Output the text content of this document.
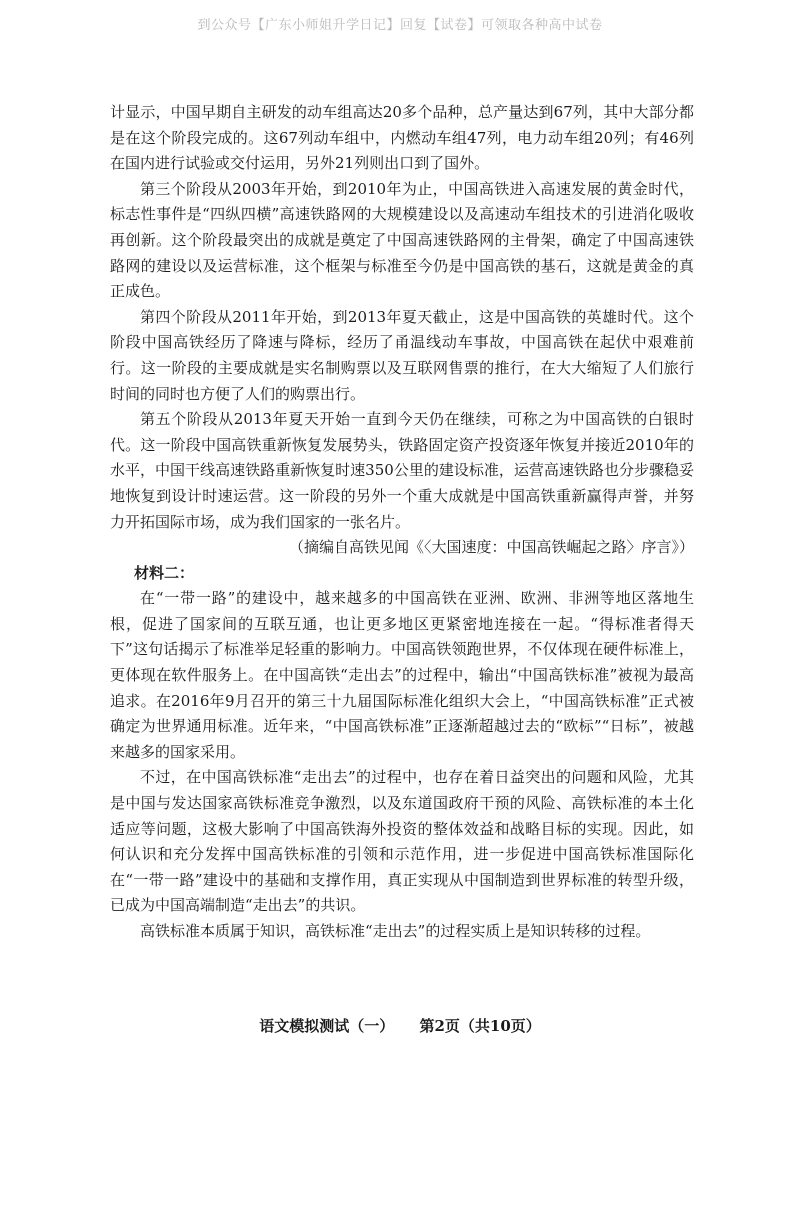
到公众号【广东小师姐升学日记】回复【试卷】可领取各种高中试卷

计显示，中国早期自主研发的动车组高达20多个品种，总产量达到67列，其中大部分都是在这个阶段完成的。这67列动车组中，内燃动车组47列，电力动车组20列；有46列在国内进行试验或交付运用，另外21列则出口到了国外。

第三个阶段从2003年开始，到2010年为止，中国高铁进入高速发展的黄金时代，标志性事件是“四纵四横”高速铁路网的大规模建设以及高速动车组技术的引进消化吸收再创新。这个阶段最突出的成就是奠定了中国高速铁路网的主骨架，确定了中国高速铁路网的建设以及运营标准，这个框架与标准至今仍是中国高铁的基石，这就是黄金的真正成色。

第四个阶段从2011年开始，到2013年夏天截止，这是中国高铁的英雄时代。这个阶段中国高铁经历了降速与降标，经历了甬温线动车事故，中国高铁在起伏中艰难前行。这一阶段的主要成就是实名制购票以及互联网售票的推行，在大大缩短了人们旅行时间的同时也方便了人们的购票出行。

第五个阶段从2013年夏天开始一直到今天仍在继续，可称之为中国高铁的白银时代。这一阶段中国高铁重新恢复发展势头，铁路固定资产投资逐年恢复并接近2010年的水平，中国干线高速铁路重新恢复时速350公里的建设标准，运营高速铁路也分步骤稳妥地恢复到设计时速运营。这一阶段的另外一个重大成就是中国高铁重新赢得声誉，并努力开拓国际市场，成为我们国家的一张名片。

（摘编自高铁见闻《〈大国速度：中国高铁崛起之路〉序言》）

材料二：

在“一带一路”的建设中，越来越多的中国高铁在亚洲、欧洲、非洲等地区落地生根，促进了国家间的互联互通，也让更多地区更紧密地连接在一起。“得标准者得天下”这句话揭示了标准举足轻重的影响力。中国高铁领跑世界，不仅体现在硬件标准上，更体现在软件服务上。在中国高铁“走出去”的过程中，输出“中国高铁标准”被视为最高追求。在2016年9月召开的第三十九届国际标准化组织大会上，“中国高铁标准”正式被确定为世界通用标准。近年来，“中国高铁标准”正逐渐超越过去的“欧标”“日标”，被越来越多的国家采用。

不过，在中国高铁标准“走出去”的过程中，也存在着日益突出的问题和风险，尤其是中国与发达国家高铁标准竞争激烈，以及东道国政府干预的风险、高铁标准的本土化适应等问题，这极大影响了中国高铁海外投资的整体效益和战略目标的实现。因此，如何认识和充分发挥中国高铁标准的引领和示范作用，进一步促进中国高铁标准国际化在“一带一路”建设中的基础和支撑作用，真正实现从中国制造到世界标准的转型升级，已成为中国高端制造“走出去”的共识。

高铁标准本质属于知识，高铁标准“走出去”的过程实质上是知识转移的过程。

语文模拟测试（一） 第2页（共10页）
